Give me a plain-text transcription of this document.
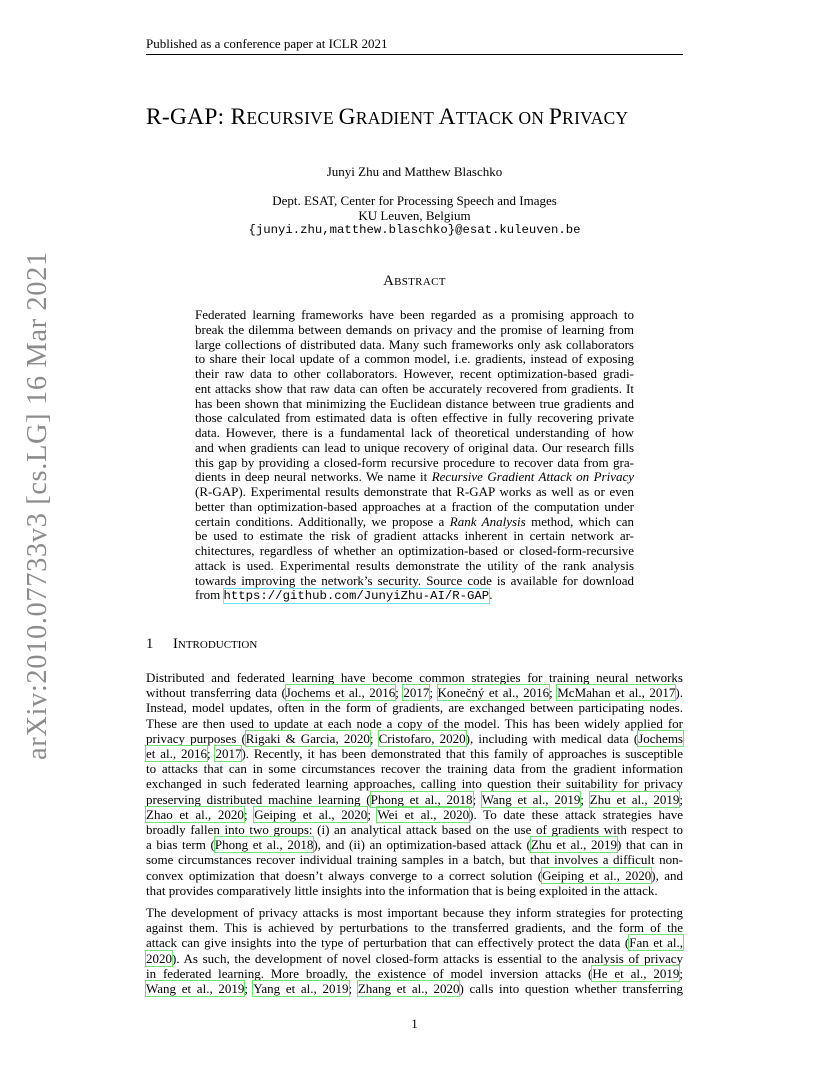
Published as a conference paper at ICLR 2021
arXiv:2010.07733v3 [cs.LG] 16 Mar 2021
R-GAP: RECURSIVE GRADIENT ATTACK ON PRIVACY
Junyi Zhu and Matthew Blaschko
Dept. ESAT, Center for Processing Speech and Images
KU Leuven, Belgium
{junyi.zhu,matthew.blaschko}@esat.kuleuven.be
ABSTRACT
Federated learning frameworks have been regarded as a promising approach to
break the dilemma between demands on privacy and the promise of learning from
large collections of distributed data. Many such frameworks only ask collaborators
to share their local update of a common model, i.e. gradients, instead of exposing
their raw data to other collaborators. However, recent optimization-based gradi-
ent attacks show that raw data can often be accurately recovered from gradients. It
has been shown that minimizing the Euclidean distance between true gradients and
those calculated from estimated data is often effective in fully recovering private
data. However, there is a fundamental lack of theoretical understanding of how
and when gradients can lead to unique recovery of original data. Our research fills
this gap by providing a closed-form recursive procedure to recover data from gra-
dients in deep neural networks. We name it Recursive Gradient Attack on Privacy
(R-GAP). Experimental results demonstrate that R-GAP works as well as or even
better than optimization-based approaches at a fraction of the computation under
certain conditions. Additionally, we propose a Rank Analysis method, which can
be used to estimate the risk of gradient attacks inherent in certain network ar-
chitectures, regardless of whether an optimization-based or closed-form-recursive
attack is used. Experimental results demonstrate the utility of the rank analysis
towards improving the network’s security. Source code is available for download
from https://github.com/JunyiZhu-AI/R-GAP.
1 INTRODUCTION
Distributed and federated learning have become common strategies for training neural networks
without transferring data (Jochems et al., 2016; 2017; Konečný et al., 2016; McMahan et al., 2017).
Instead, model updates, often in the form of gradients, are exchanged between participating nodes.
These are then used to update at each node a copy of the model. This has been widely applied for
privacy purposes (Rigaki & Garcia, 2020; Cristofaro, 2020), including with medical data (Jochems
et al., 2016; 2017). Recently, it has been demonstrated that this family of approaches is susceptible
to attacks that can in some circumstances recover the training data from the gradient information
exchanged in such federated learning approaches, calling into question their suitability for privacy
preserving distributed machine learning (Phong et al., 2018; Wang et al., 2019; Zhu et al., 2019;
Zhao et al., 2020; Geiping et al., 2020; Wei et al., 2020). To date these attack strategies have
broadly fallen into two groups: (i) an analytical attack based on the use of gradients with respect to
a bias term (Phong et al., 2018), and (ii) an optimization-based attack (Zhu et al., 2019) that can in
some circumstances recover individual training samples in a batch, but that involves a difficult non-
convex optimization that doesn’t always converge to a correct solution (Geiping et al., 2020), and
that provides comparatively little insights into the information that is being exploited in the attack.
The development of privacy attacks is most important because they inform strategies for protecting
against them. This is achieved by perturbations to the transferred gradients, and the form of the
attack can give insights into the type of perturbation that can effectively protect the data (Fan et al.,
2020). As such, the development of novel closed-form attacks is essential to the analysis of privacy
in federated learning. More broadly, the existence of model inversion attacks (He et al., 2019;
Wang et al., 2019; Yang et al., 2019; Zhang et al., 2020) calls into question whether transferring
1
